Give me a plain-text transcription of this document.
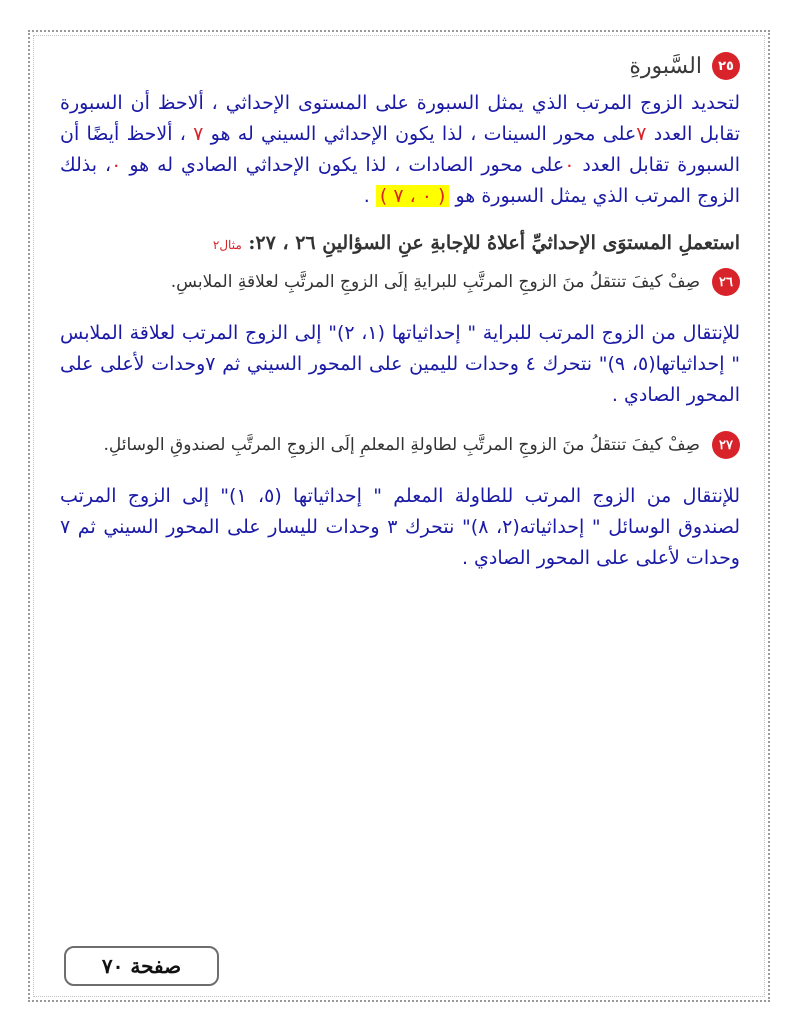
٢٥
السَّبورةِ

لتحديد الزوج المرتب الذي يمثل السبورة على المستوى الإحداثي ، ألاحظ أن السبورة تقابل العدد ٧على محور السينات ، لذا يكون الإحداثي السيني له هو ٧ ، ألاحظ أيضًا أن السبورة تقابل العدد ٠على محور الصادات ، لذا يكون الإحداثي الصادي له هو ٠، بذلك الزوج المرتب الذي يمثل السبورة هو ( ٠ ، ٧ ) .

استعملِ المستوَى الإحداثيِّ أعلاهُ للإجابةِ عنِ السؤالينِ ٢٦ ، ٢٧: مثال٢
٢٦
صِفْ كيفَ تنتقلُ منَ الزوجِ المرتَّبِ للبرايةِ إلَى الزوجِ المرتَّبِ لعلاقةِ الملابسِ.

للإنتقال من الزوج المرتب للبراية " إحداثياتها (١، ٢)" إلى الزوج المرتب لعلاقة الملابس " إحداثياتها(٥، ٩)" نتحرك ٤ وحدات لليمين على المحور السيني ثم ٧وحدات لأعلى على المحور الصادي .

٢٧
صِفْ كيفَ تنتقلُ منَ الزوجِ المرتَّبِ لطاولةِ المعلمِ إلَى الزوجِ المرتَّبِ لصندوقِ الوسائلِ.

للإنتقال من الزوج المرتب للطاولة المعلم " إحداثياتها (٥، ١)" إلى الزوج المرتب لصندوق الوسائل " إحداثياته(٢، ٨)" نتحرك ٣ وحدات لليسار على المحور السيني ثم ٧ وحدات لأعلى على المحور الصادي .

صفحة ٧٠
